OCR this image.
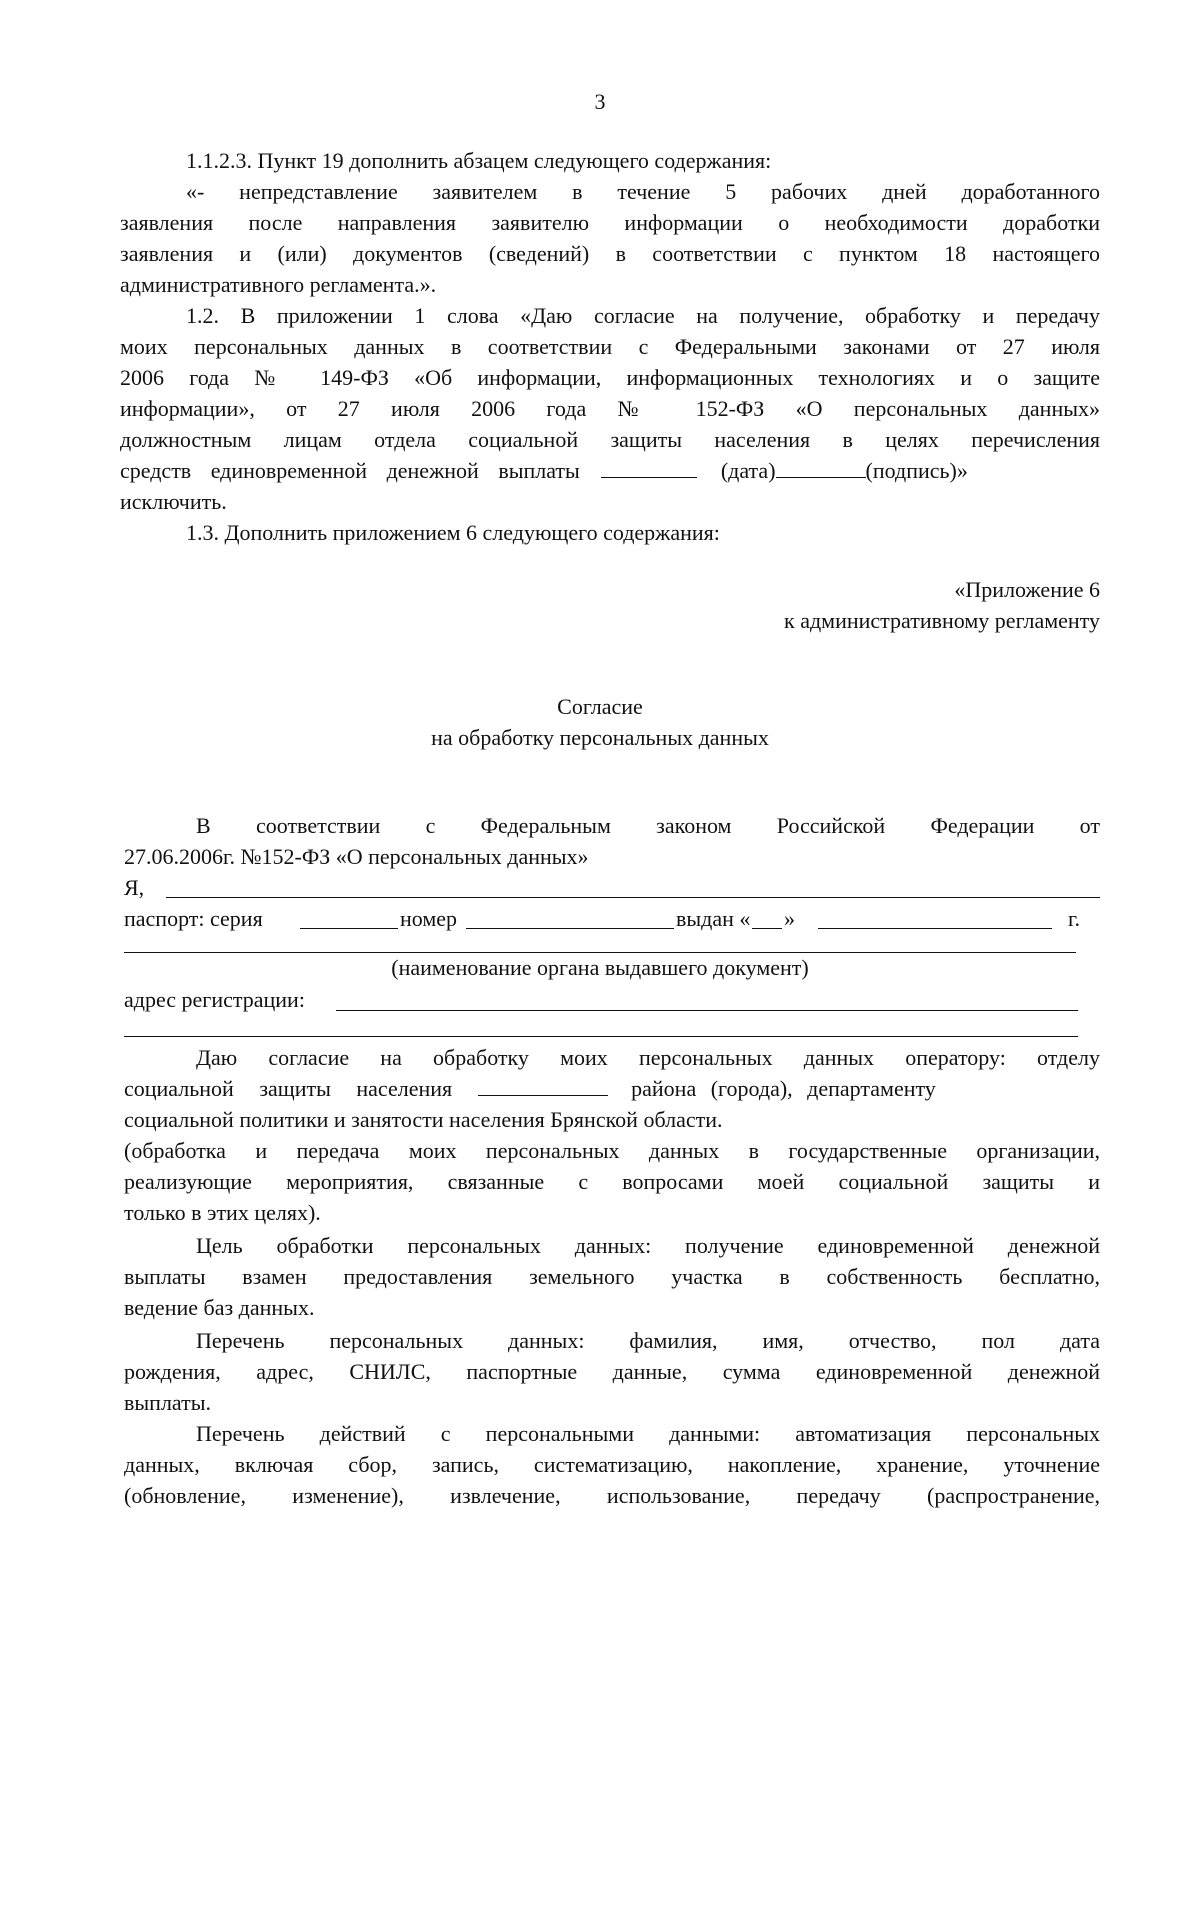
3
1.1.2.3. Пункт 19 дополнить абзацем следующего содержания:
«- непредставление заявителем в течение 5 рабочих дней доработанного
заявления после направления заявителю информации о необходимости доработки
заявления и (или) документов (сведений) в соответствии с пунктом 18 настоящего
административного регламента.».
1.2. В приложении 1 слова «Даю согласие на получение, обработку и передачу
моих персональных данных в соответствии с Федеральными законами от 27 июля
2006 года № 149-ФЗ «Об информации, информационных технологиях и о защите
информации», от 27 июля 2006 года № 152-ФЗ «О персональных данных»
должностным лицам отдела социальной защиты населения в целях перечисления
средств единовременной денежной выплаты	(дата)	(подпись)»
исключить.
1.3. Дополнить приложением 6 следующего содержания:
«Приложение 6
к административному регламенту
Согласие
на обработку персональных данных
В соответствии с Федеральным законом Российской Федерации от
27.06.2006г. №152-ФЗ «О персональных данных»
Я,
паспорт: серия	номер	выдан « »	г.
(наименование органа выдавшего документ)
адрес регистрации:
Даю согласие на обработку моих персональных данных оператору: отделу
социальной защиты населения	района (города), департаменту
социальной политики и занятости населения Брянской области.
(обработка и передача моих персональных данных в государственные организации,
реализующие мероприятия, связанные с вопросами моей социальной защиты и
только в этих целях).
Цель обработки персональных данных: получение единовременной денежной
выплаты взамен предоставления земельного участка в собственность бесплатно,
ведение баз данных.
Перечень персональных данных: фамилия, имя, отчество, пол дата
рождения, адрес, СНИЛС, паспортные данные, сумма единовременной денежной
выплаты.
Перечень действий с персональными данными: автоматизация персональных
данных, включая сбор, запись, систематизацию, накопление, хранение, уточнение
(обновление, изменение), извлечение, использование, передачу (распространение,
